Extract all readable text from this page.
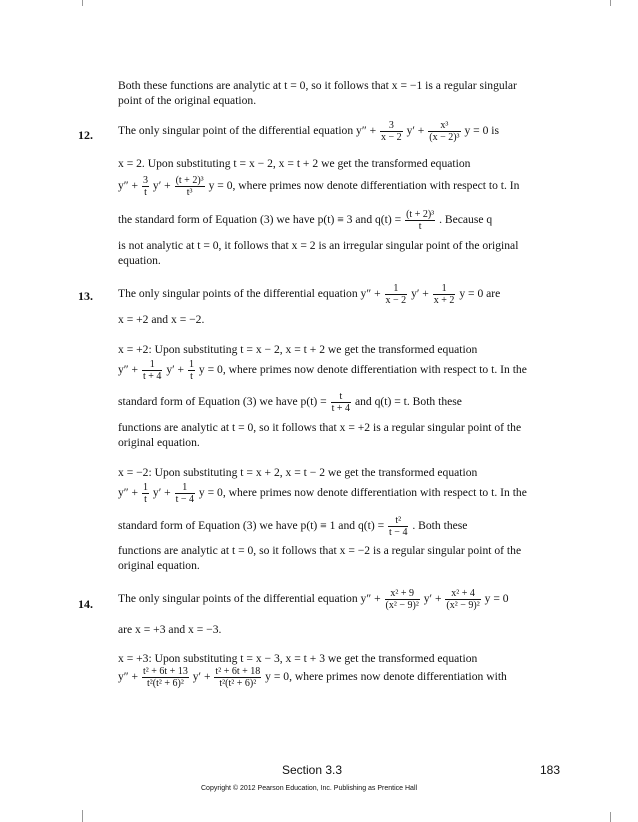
Both these functions are analytic at t = 0, so it follows that x = −1 is a regular singular
point of the original equation.
12. The only singular point of the differential equation $y'' + \frac{3}{x - 2} y' + \frac{\text{x³}}{\text{(x − 2)³}}$ y = 0 is
x = 2. Upon substituting t = x − 2, x = t + 2 we get the transformed equation
$y'' + \frac{3}{t} y' + \frac{\text{(t + 2)³}}{\text{t³}}$ y = 0, where primes now denote differentiation with respect to t. In
the standard form of Equation (3) we have p(t) ≡ 3 and $q(t) = \frac{\text{(t + 2)³}}{t}$ . Because q
is not analytic at t = 0, it follows that x = 2 is an irregular singular point of the original
equation.
13. The only singular points of the differential equation $y'' + \frac{1}{x - 2} y' + \frac{1}{x + 2}$ y = 0 are
x = +2 and x = −2.
x = +2: Upon substituting t = x − 2, x = t + 2 we get the transformed equation
$y'' + \frac{1}{t + 4} y' + \frac{1}{t}$ y = 0, where primes now denote differentiation with respect to t. In the
standard form of Equation (3) we have $p(t) = \frac{t}{t + 4}$ and q(t) = t. Both these
functions are analytic at t = 0, so it follows that x = +2 is a regular singular point of the
original equation.
x = −2: Upon substituting t = x + 2, x = t − 2 we get the transformed equation
$y'' + \frac{1}{t} y' + \frac{1}{t - 4}$ y = 0, where primes now denote differentiation with respect to t. In the
standard form of Equation (3) we have p(t) ≡ 1 and $q(t) = \frac{\text{t²}}{t - 4}$ . Both these
functions are analytic at t = 0, so it follows that x = −2 is a regular singular point of the
original equation.
14. The only singular points of the differential equation $y'' + \frac{\text{x² + 9}}{\text{(x² − 9)²}} y' + \frac{\text{x² + 4}}{\text{(x² − 9)²}}$ y = 0
are x = +3 and x = −3.
x = +3: Upon substituting t = x − 3, x = t + 3 we get the transformed equation
$y'' + \frac{\text{t² + 6t + 13}}{\text{t²(t² + 6)²}} y' + \frac{\text{t² + 6t + 18}}{\text{t²(t² + 6)²}}$ y = 0, where primes now denote differentiation with
Section 3.3	183
Copyright © 2012 Pearson Education, Inc. Publishing as Prentice Hall
